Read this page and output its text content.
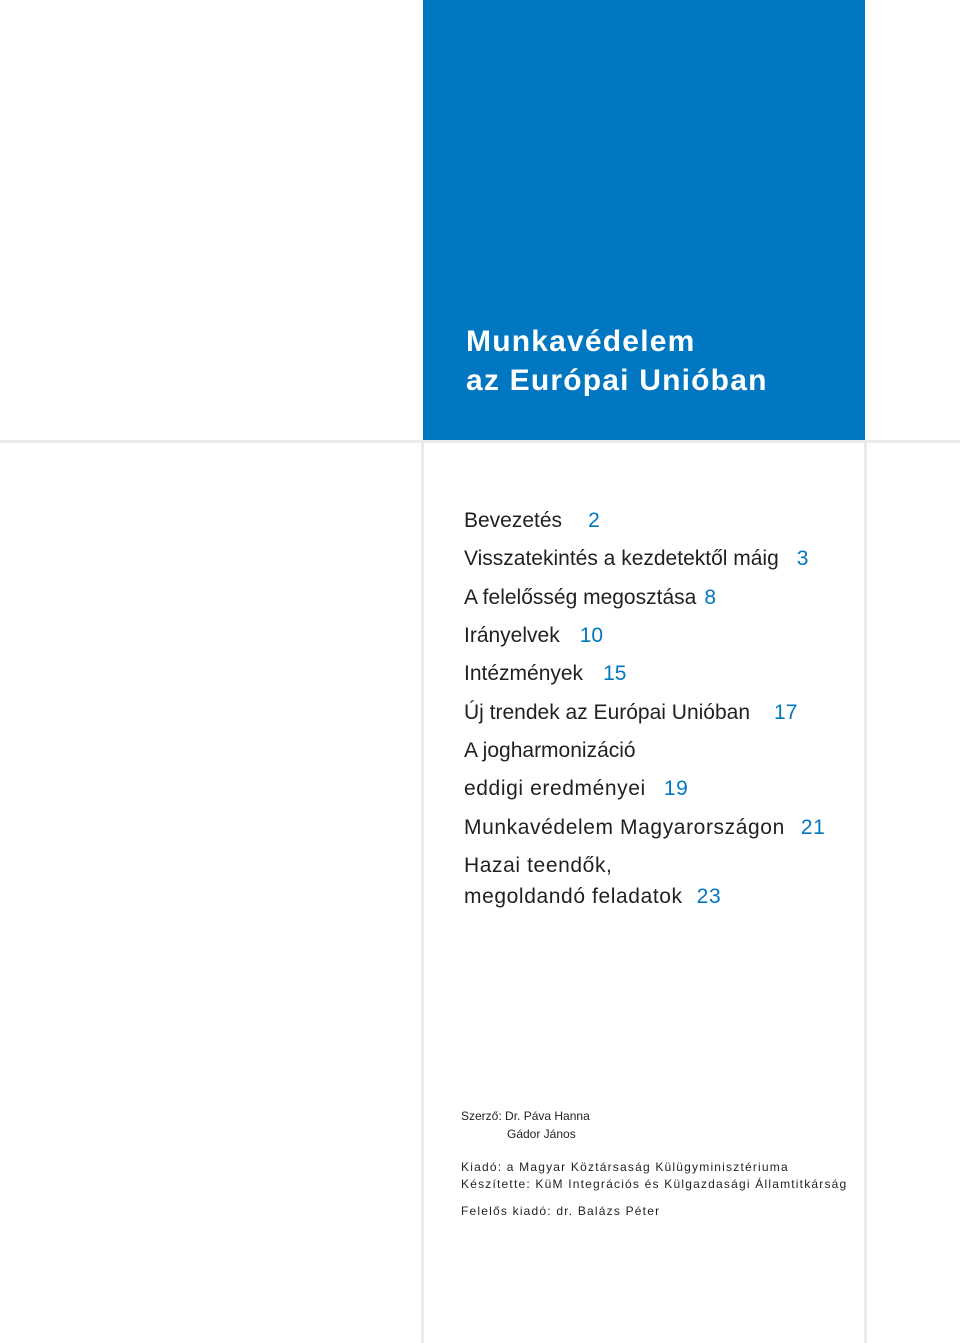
Munkavédelem
az Európai Unióban
Bevezetés 2
Visszatekintés a kezdetektől máig 3
A felelősség megosztása 8
Irányelvek 10
Intézmények 15
Új trendek az Európai Unióban 17
A jogharmonizáció
eddigi eredményei 19
Munkavédelem Magyarországon 21
Hazai teendők,
megoldandó feladatok 23
Szerző: Dr. Páva Hanna
Gádor János
Kiadó: a Magyar Köztársaság Külügyminisztériuma
Készítette: KüM Integrációs és Külgazdasági Államtitkárság
Felelős kiadó: dr. Balázs Péter
